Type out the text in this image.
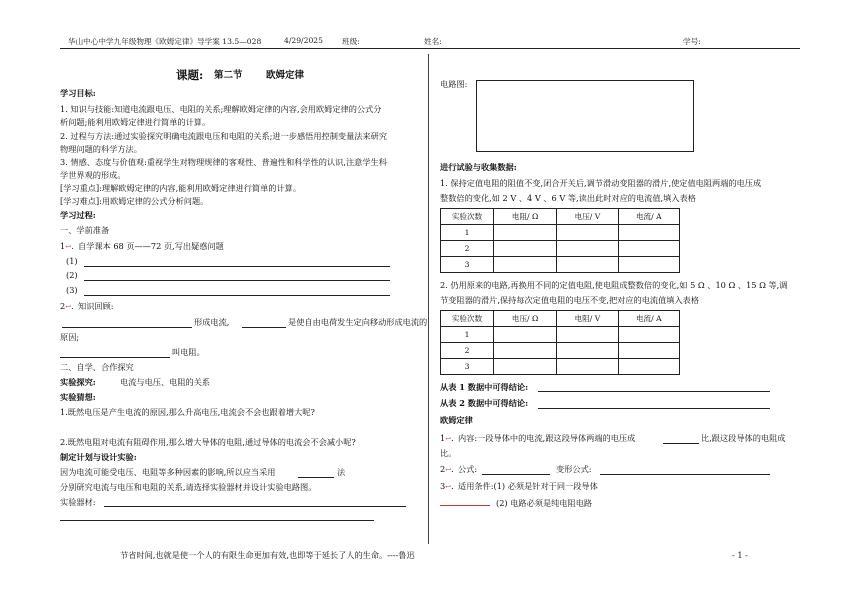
华山中心中学九年级物理《欧姆定律》导学案 13.5—028	4/29/2025	班级:	姓名:	学号:
课题: 第二节 欧姆定律
学习目标:
1. 知识与技能:知道电流跟电压、电阻的关系;理解欧姆定律的内容,会用欧姆定律的公式分
析问题;能利用欧姆定律进行简单的计算。
2. 过程与方法:通过实验探究明确电流跟电压和电阻的关系;进一步感悟用控制变量法来研究
物理问题的科学方法。
3. 情感、态度与价值观:重视学生对物理规律的客观性、普遍性和科学性的认识,注意学生科
学世界观的形成。
[学习重点]:理解欧姆定律的内容,能利用欧姆定律进行简单的计算。
[学习难点]:用欧姆定律的公式分析问题。
学习过程:
一、学前准备
1↩. 自学课本 68 页——72 页,写出疑惑问题
(1)
(2)
(3)
2↩. 知识回顾:
形成电流,	是使自由电荷发生定向移动形成电流的
原因;
叫电阻。
二、自学、合作探究
实验探究:	电流与电压、电阻的关系
实验猜想:
1.既然电压是产生电流的原因,那么升高电压,电流会不会也跟着增大呢?
2.既然电阻对电流有阻碍作用,那么增大导体的电阻,通过导体的电流会不会减小呢?
制定计划与设计实验:
因为电流可能受电压、电阻等多种因素的影响,所以应当采用	法
分别研究电流与电压和电阻的关系,请选择实验器材并设计实验电路图。
实验器材:
电路图:
进行试验与收集数据:
1. 保持定值电阻的阻值不变,闭合开关后,调节滑动变阻器的滑片,使定值电阻两端的电压成
整数倍的变化,如 2 V 、4 V 、6 V 等,读出此时对应的电流值,填入表格
实验次数	电阻/ Ω	电压/ V	电流/ A
1			
2			
3			
2. 仍用原来的电路,再换用不同的定值电阻,使电阻成整数倍的变化,如 5 Ω 、10 Ω 、15 Ω 等,调
节变阻器的滑片,保持每次定值电阻的电压不变,把对应的电流值填入表格
实验次数	电压/ Ω	电阻/ V	电流/ A
1			
2			
3			
从表 1 数据中可得结论:
从表 2 数据中可得结论:
欧姆定律
1↩. 内容:一段导体中的电流,跟这段导体两端的电压成	比,跟这段导体的电阻成
比。
2↩. 公式:	变形公式:
3↩. 适用条件:(1) 必须是针对于同一段导体
(2) 电路必须是纯电阻电路
节省时间,也就是使一个人的有限生命更加有效,也即等于延长了人的生命。----鲁迅	- 1 -
